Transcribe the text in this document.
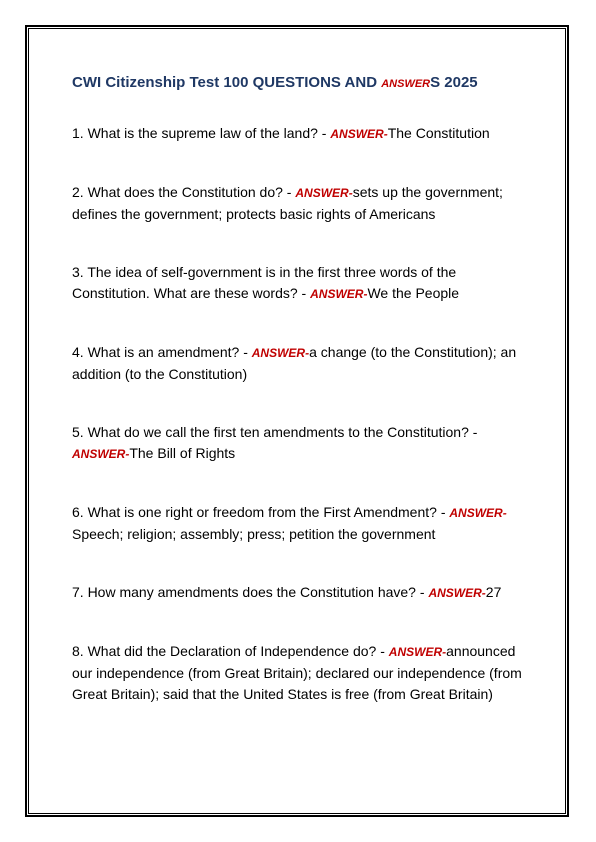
CWI Citizenship Test 100 QUESTIONS AND ANSWERS 2025

1. What is the supreme law of the land? - ANSWER-The Constitution

2. What does the Constitution do? - ANSWER-sets up the government; defines the government; protects basic rights of Americans

3. The idea of self-government is in the first three words of the Constitution. What are these words? - ANSWER-We the People

4. What is an amendment? - ANSWER-a change (to the Constitution); an addition (to the Constitution)

5. What do we call the first ten amendments to the Constitution? - ANSWER-The Bill of Rights

6. What is one right or freedom from the First Amendment? - ANSWER-Speech; religion; assembly; press; petition the government

7. How many amendments does the Constitution have? - ANSWER-27

8. What did the Declaration of Independence do? - ANSWER-announced our independence (from Great Britain); declared our independence (from Great Britain); said that the United States is free (from Great Britain)
